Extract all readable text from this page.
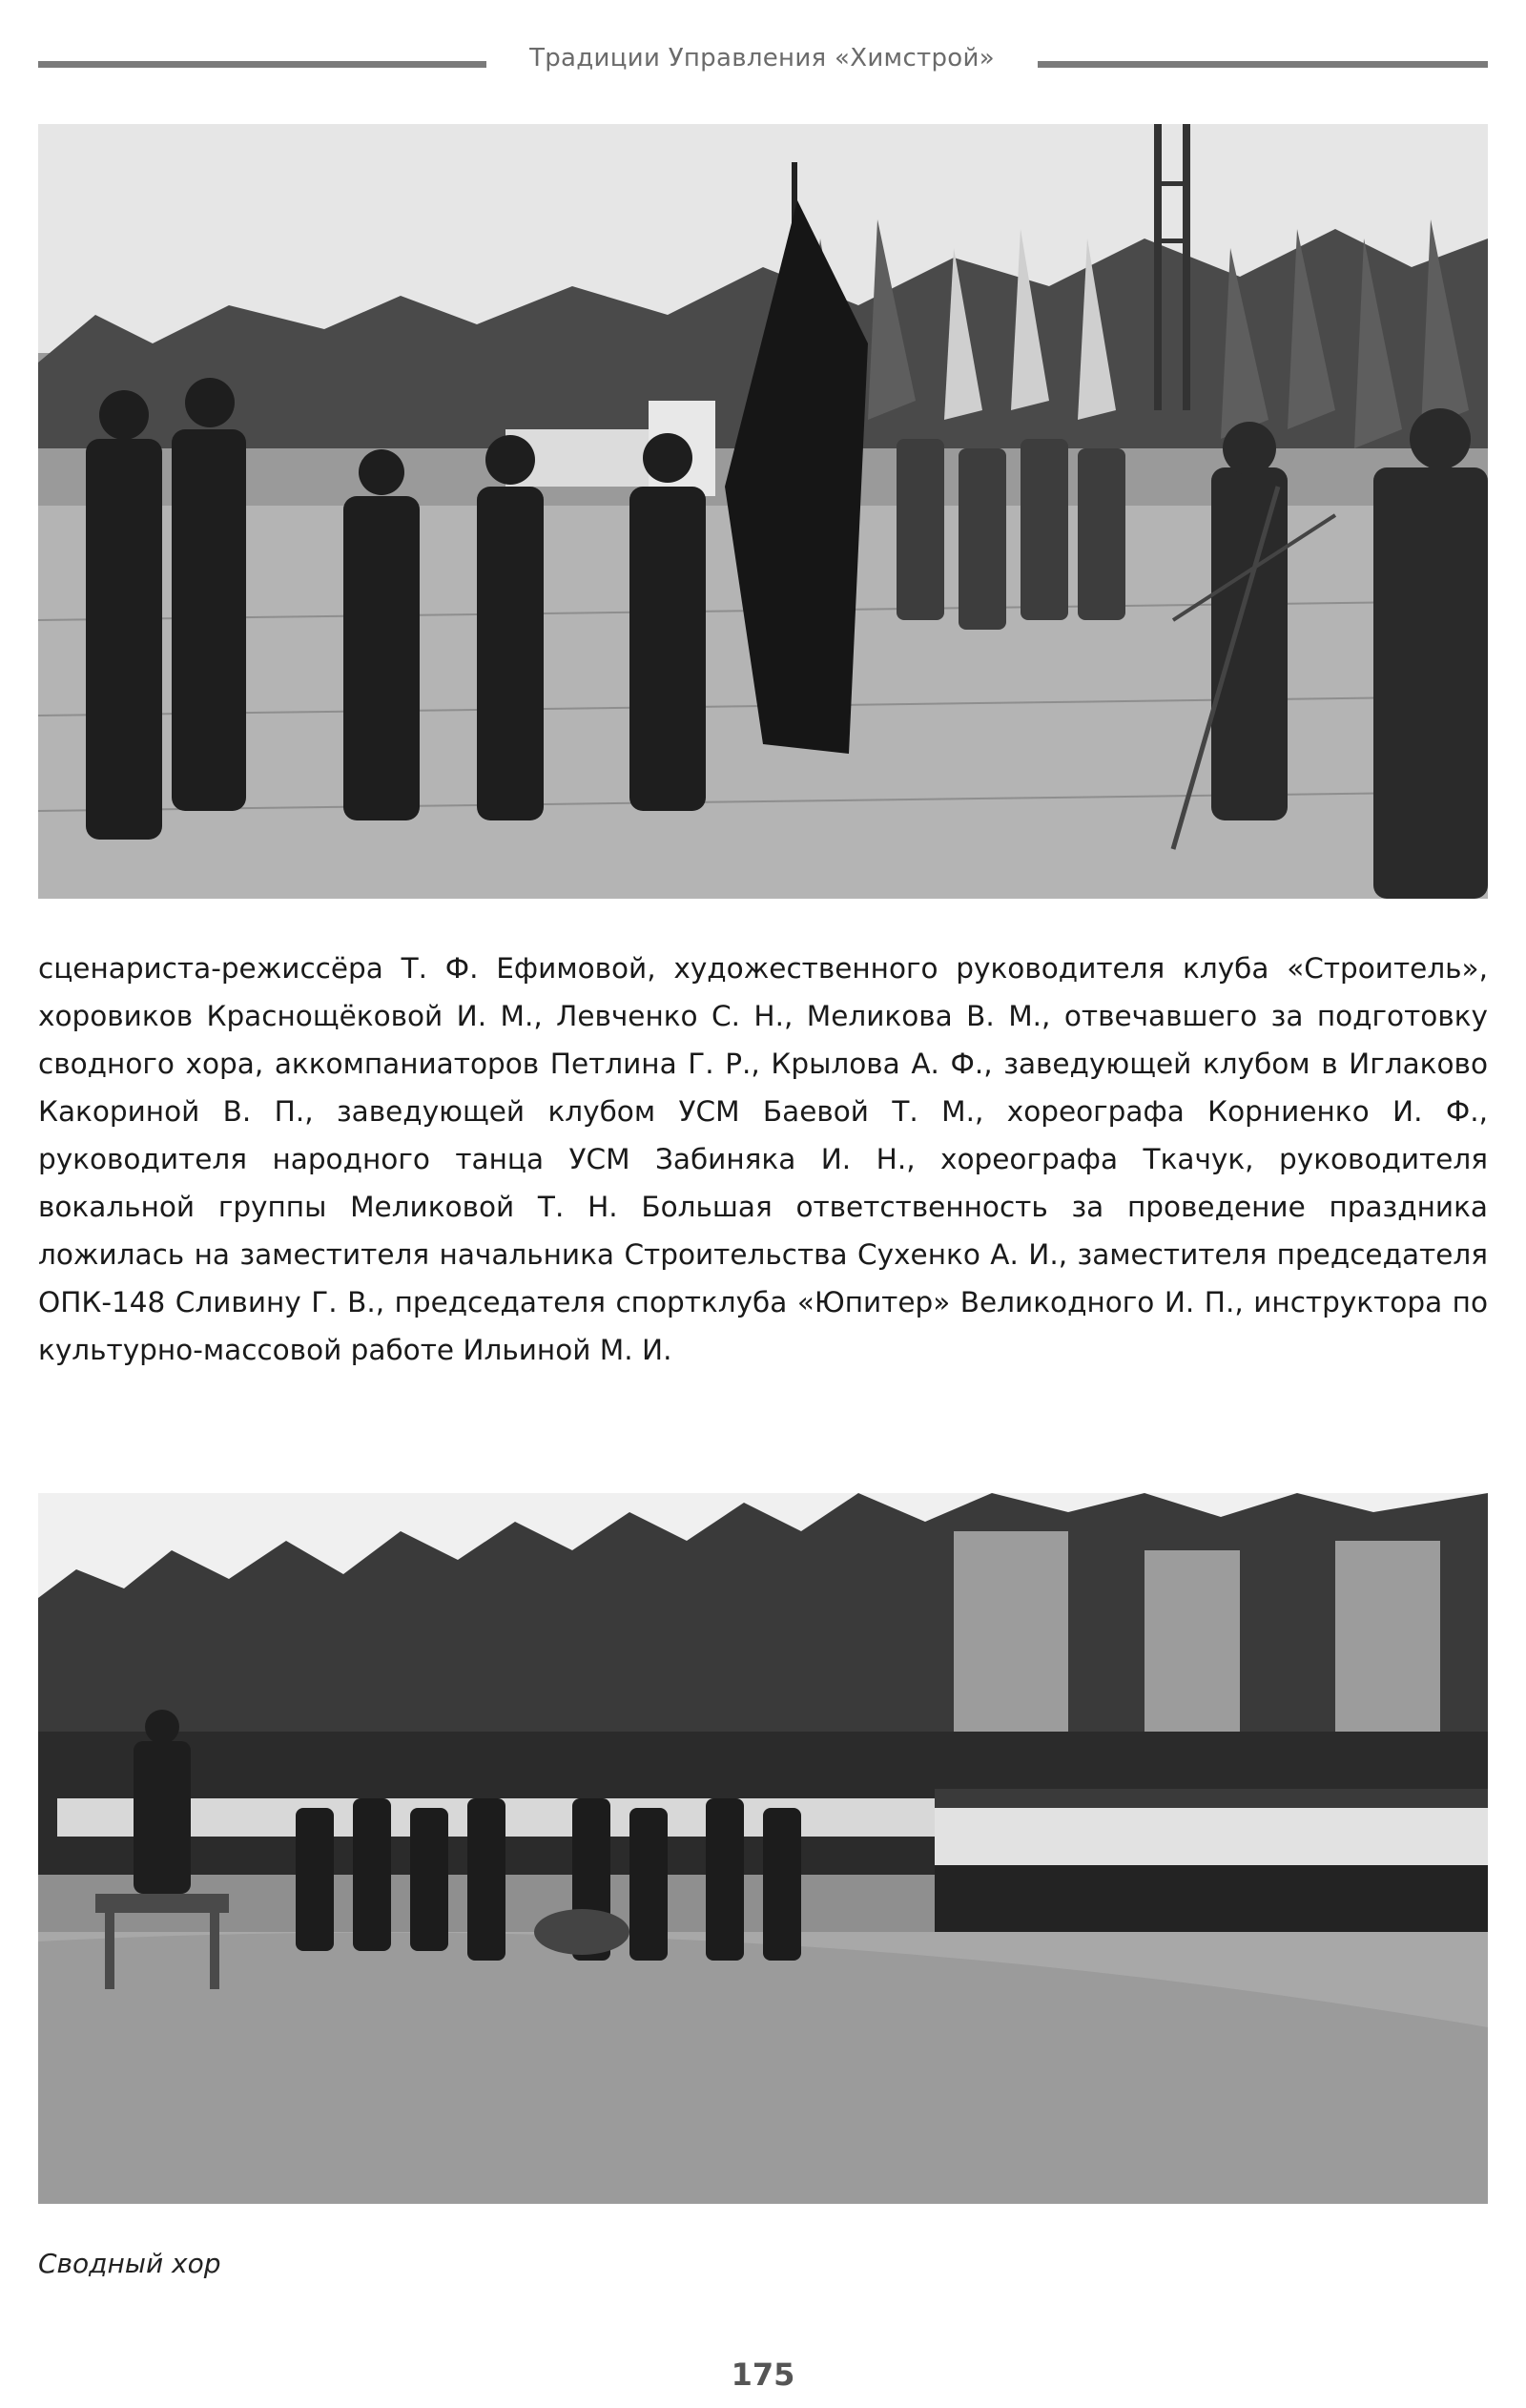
Традиции Управления «Химстрой»

сценариста-режиссёра Т. Ф. Ефимовой, художественного руководителя клуба «Строитель», хоровиков Краснощёковой И. М., Левченко С. Н., Меликова В. М., отвечавшего за подготовку сводного хора, аккомпаниаторов Петлина Г. Р., Крылова А. Ф., заведующей клубом в Иглаково Какориной В. П., заведующей клубом УСМ Баевой Т. М., хореографа Корниенко И. Ф., руководителя народного танца УСМ Забиняка И. Н., хореографа Ткачук, руководителя вокальной группы Меликовой Т. Н. Большая ответственность за проведение праздника ложилась на заместителя начальника Строительства Сухенко А. И., заместителя председателя ОПК-148 Сливину Г. В., председателя спортклуба «Юпитер» Великодного И. П., инструктора по культурно-массовой работе Ильиной М. И.

Сводный хор
175
